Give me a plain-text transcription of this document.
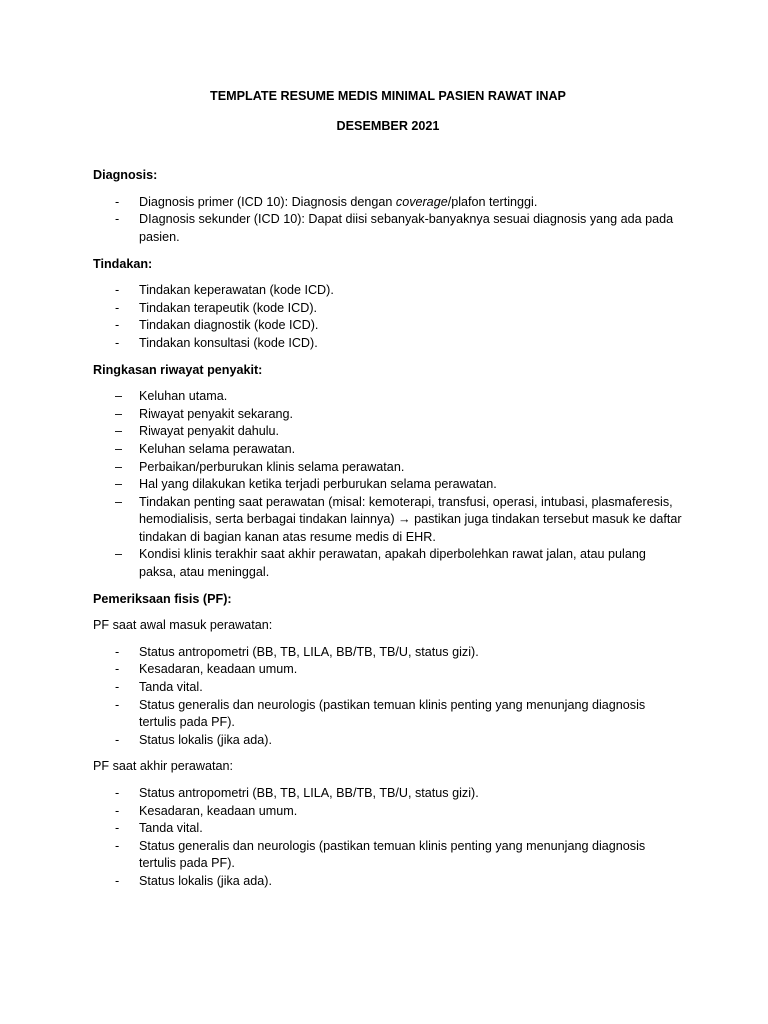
TEMPLATE RESUME MEDIS MINIMAL PASIEN RAWAT INAP

DESEMBER 2021

Diagnosis:

- Diagnosis primer (ICD 10): Diagnosis dengan coverage/plafon tertinggi.
- DIagnosis sekunder (ICD 10): Dapat diisi sebanyak-banyaknya sesuai diagnosis yang ada pada pasien.

Tindakan:

- Tindakan keperawatan (kode ICD).
- Tindakan terapeutik (kode ICD).
- Tindakan diagnostik (kode ICD).
- Tindakan konsultasi (kode ICD).

Ringkasan riwayat penyakit:

– Keluhan utama.
– Riwayat penyakit sekarang.
– Riwayat penyakit dahulu.
– Keluhan selama perawatan.
– Perbaikan/perburukan klinis selama perawatan.
– Hal yang dilakukan ketika terjadi perburukan selama perawatan.
– Tindakan penting saat perawatan (misal: kemoterapi, transfusi, operasi, intubasi, plasmaferesis, hemodialisis, serta berbagai tindakan lainnya) → pastikan juga tindakan tersebut masuk ke daftar tindakan di bagian kanan atas resume medis di EHR.
– Kondisi klinis terakhir saat akhir perawatan, apakah diperbolehkan rawat jalan, atau pulang paksa, atau meninggal.

Pemeriksaan fisis (PF):

PF saat awal masuk perawatan:

- Status antropometri (BB, TB, LILA, BB/TB, TB/U, status gizi).
- Kesadaran, keadaan umum.
- Tanda vital.
- Status generalis dan neurologis (pastikan temuan klinis penting yang menunjang diagnosis tertulis pada PF).
- Status lokalis (jika ada).

PF saat akhir perawatan:

- Status antropometri (BB, TB, LILA, BB/TB, TB/U, status gizi).
- Kesadaran, keadaan umum.
- Tanda vital.
- Status generalis dan neurologis (pastikan temuan klinis penting yang menunjang diagnosis tertulis pada PF).
- Status lokalis (jika ada).
